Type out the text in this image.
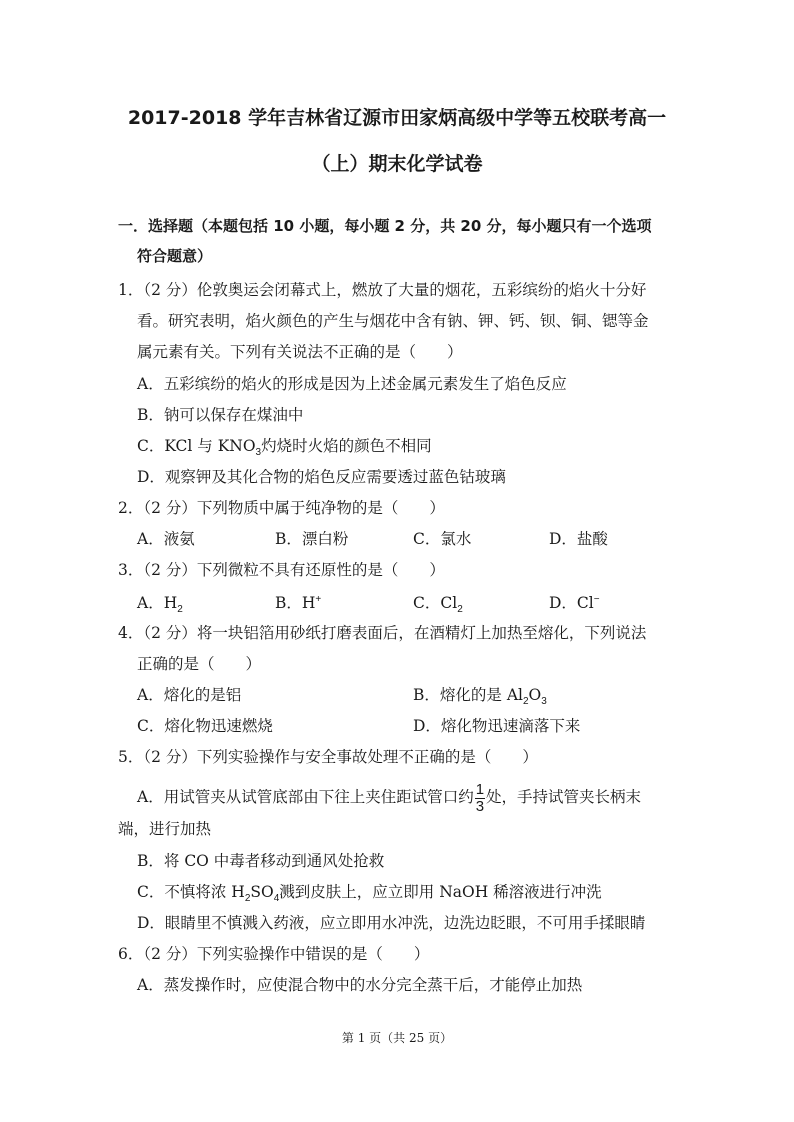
2017-2018 学年吉林省辽源市田家炳高级中学等五校联考高一
（上）期末化学试卷
一．选择题（本题包括 10 小题，每小题 2 分，共 20 分，每小题只有一个选项
符合题意）
1．（2 分）伦敦奥运会闭幕式上，燃放了大量的烟花，五彩缤纷的焰火十分好
看。研究表明，焰火颜色的产生与烟花中含有钠、钾、钙、钡、铜、锶等金
属元素有关。下列有关说法不正确的是（　　）
A．五彩缤纷的焰火的形成是因为上述金属元素发生了焰色反应
B．钠可以保存在煤油中
C．KCl 与 $KNO_3$灼烧时火焰的颜色不相同
D．观察钾及其化合物的焰色反应需要透过蓝色钴玻璃
2．（2 分）下列物质中属于纯净物的是（　　）
A．液氨	B．漂白粉	C．氯水	D．盐酸
3．（2 分）下列微粒不具有还原性的是（　　）
A．$H_2$	B．H+	C．$Cl_2$	D．Cl−
4．（2 分）将一块铝箔用砂纸打磨表面后，在酒精灯上加热至熔化，下列说法
正确的是（　　）
A．熔化的是铝	B．熔化的是 $Al_2O_3$
C．熔化物迅速燃烧	D．熔化物迅速滴落下来
5．（2 分）下列实验操作与安全事故处理不正确的是（　　）
A．用试管夹从试管底部由下往上夹住距试管口约 $\frac{1}{3}$ 处，手持试管夹长柄末
端，进行加热
B．将 CO 中毒者移动到通风处抢救
C．不慎将浓 $H_2SO_4$溅到皮肤上，应立即用 NaOH 稀溶液进行冲洗
D．眼睛里不慎溅入药液，应立即用水冲洗，边洗边眨眼，不可用手揉眼睛
6．（2 分）下列实验操作中错误的是（　　）
A．蒸发操作时，应使混合物中的水分完全蒸干后，才能停止加热
第 1 页（共 25 页）
